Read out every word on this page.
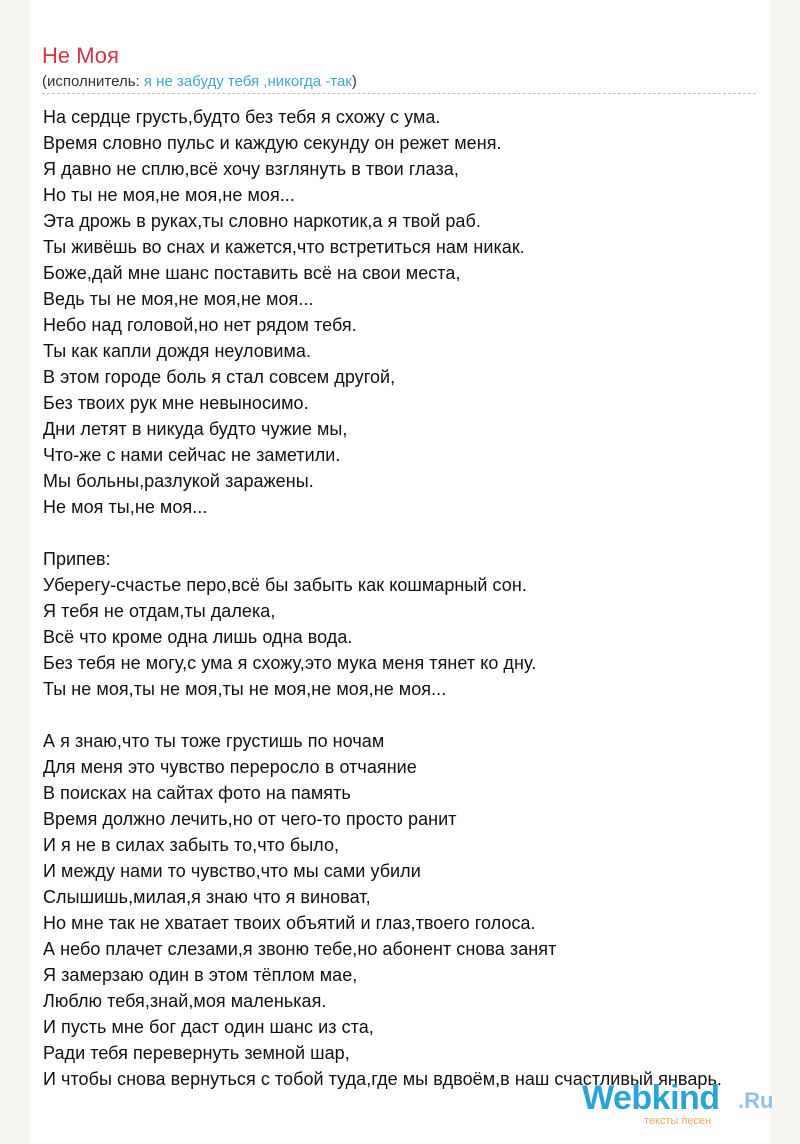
Не Моя
(исполнитель: я не забуду тебя ,никогда -так)
На сердце грусть,будто без тебя я схожу с ума.
Время словно пульс и каждую секунду он режет меня.
Я давно не сплю,всё хочу взглянуть в твои глаза,
Но ты не моя,не моя,не моя...
Эта дрожь в руках,ты словно наркотик,а я твой раб.
Ты живёшь во снах и кажется,что встретиться нам никак.
Боже,дай мне шанс поставить всё на свои места,
Ведь ты не моя,не моя,не моя...
Небо над головой,но нет рядом тебя.
Ты как капли дождя неуловима.
В этом городе боль я стал совсем другой,
Без твоих рук мне невыносимо.
Дни летят в никуда будто чужие мы,
Что-же с нами сейчас не заметили.
Мы больны,разлукой заражены.
Не моя ты,не моя...

Припев:
Уберегу-счастье перо,всё бы забыть как кошмарный сон.
Я тебя не отдам,ты далека,
Всё что кроме одна лишь одна вода.
Без тебя не могу,с ума я схожу,это мука меня тянет ко дну.
Ты не моя,ты не моя,ты не моя,не моя,не моя...

А я знаю,что ты тоже грустишь по ночам
Для меня это чувство переросло в отчаяние
В поисках на сайтах фото на память
Время должно лечить,но от чего-то просто ранит
И я не в силах забыть то,что было,
И между нами то чувство,что мы сами убили
Слышишь,милая,я знаю что я виноват,
Но мне так не хватает твоих объятий и глаз,твоего голоса.
А небо плачет слезами,я звоню тебе,но абонент снова занят
Я замерзаю один в этом тёплом мае,
Люблю тебя,знай,моя маленькая.
И пусть мне бог даст один шанс из ста,
Ради тебя перевернуть земной шар,
И чтобы снова вернуться с тобой туда,где мы вдвоём,в наш счастливый январь.
Webkind .Ru
тексты песен
